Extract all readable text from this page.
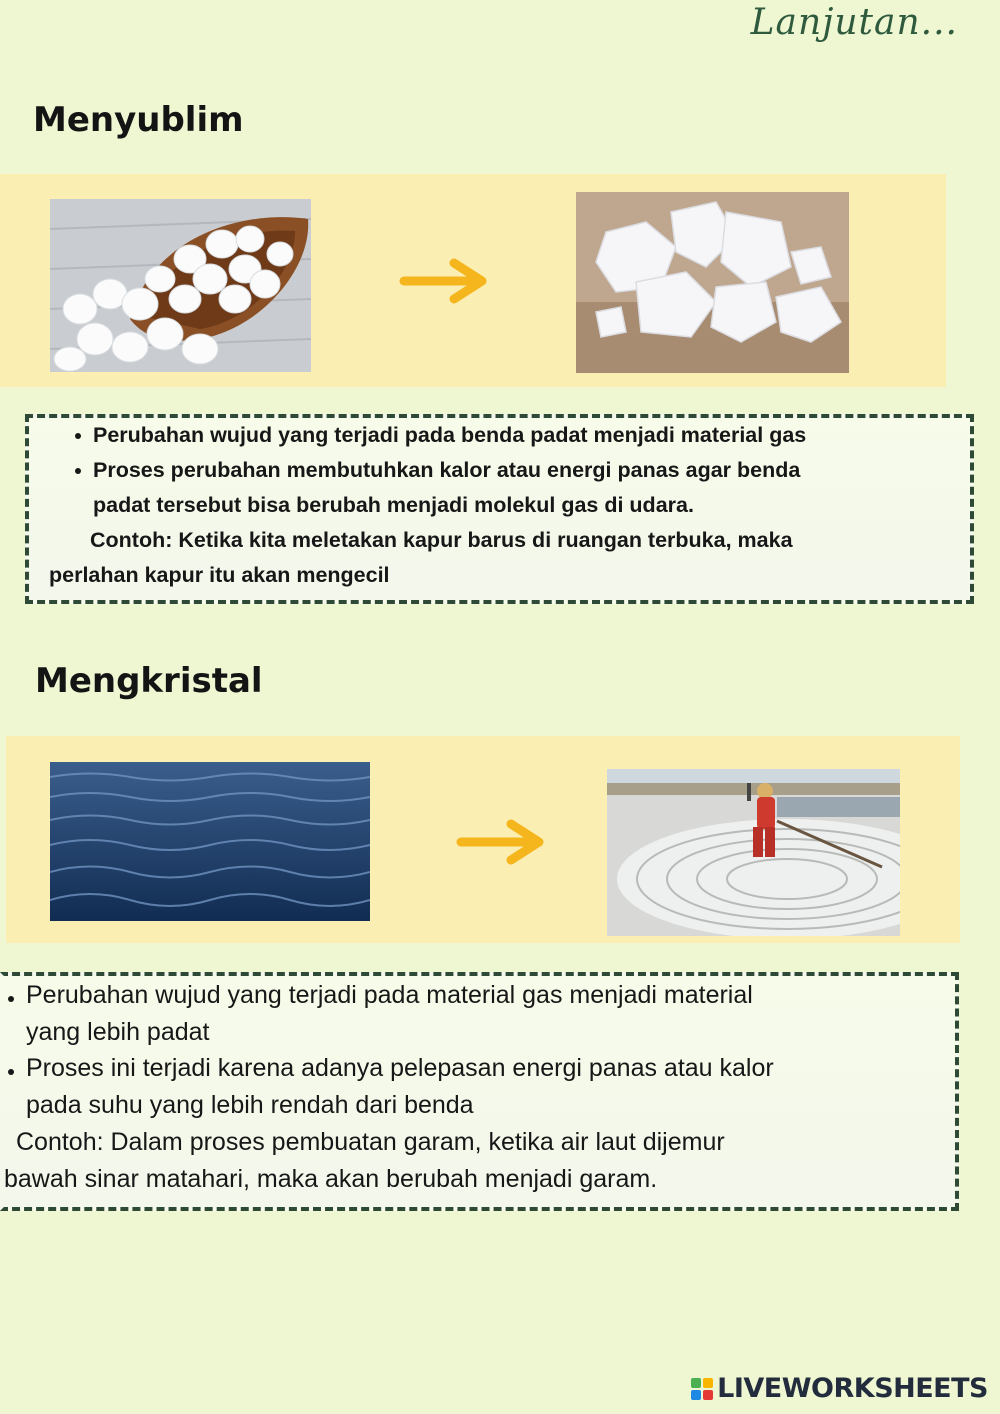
Lanjutan...
Menyublim
Perubahan wujud yang terjadi pada benda padat menjadi material gas
Proses perubahan membutuhkan kalor atau energi panas agar benda
padat tersebut bisa berubah menjadi molekul gas di udara.
Contoh: Ketika kita meletakan kapur barus di ruangan terbuka, maka
perlahan kapur itu akan mengecil
Mengkristal
Perubahan wujud yang terjadi pada material gas menjadi material
yang lebih padat
Proses ini terjadi karena adanya pelepasan energi panas atau kalor
pada suhu yang lebih rendah dari benda
Contoh: Dalam proses pembuatan garam, ketika air laut dijemur
bawah sinar matahari, maka akan berubah menjadi garam.
LIVEWORKSHEETS
